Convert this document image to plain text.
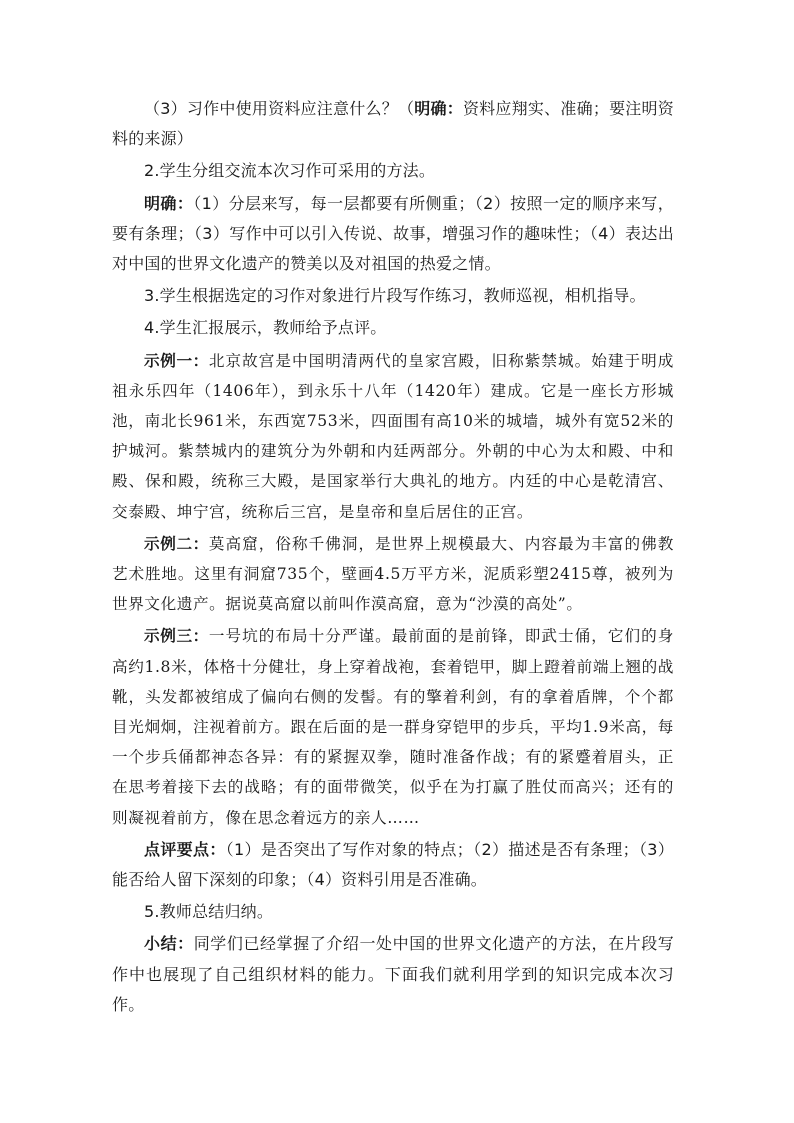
（3）习作中使用资料应注意什么？（明确：资料应翔实、准确；要注明资料的来源）

2.学生分组交流本次习作可采用的方法。

明确：（1）分层来写，每一层都要有所侧重；（2）按照一定的顺序来写，要有条理；（3）写作中可以引入传说、故事，增强习作的趣味性；（4）表达出对中国的世界文化遗产的赞美以及对祖国的热爱之情。

3.学生根据选定的习作对象进行片段写作练习，教师巡视，相机指导。

4.学生汇报展示，教师给予点评。

示例一：北京故宫是中国明清两代的皇家宫殿，旧称紫禁城。始建于明成祖永乐四年（1406年），到永乐十八年（1420年）建成。它是一座长方形城池，南北长961米，东西宽753米，四面围有高10米的城墙，城外有宽52米的护城河。紫禁城内的建筑分为外朝和内廷两部分。外朝的中心为太和殿、中和殿、保和殿，统称三大殿，是国家举行大典礼的地方。内廷的中心是乾清宫、交泰殿、坤宁宫，统称后三宫，是皇帝和皇后居住的正宫。

示例二：莫高窟，俗称千佛洞，是世界上规模最大、内容最为丰富的佛教艺术胜地。这里有洞窟735个，壁画4.5万平方米，泥质彩塑2415尊，被列为世界文化遗产。据说莫高窟以前叫作漠高窟，意为“沙漠的高处”。

示例三：一号坑的布局十分严谨。最前面的是前锋，即武士俑，它们的身高约1.8米，体格十分健壮，身上穿着战袍，套着铠甲，脚上蹬着前端上翘的战靴，头发都被绾成了偏向右侧的发髻。有的擎着利剑，有的拿着盾牌，个个都目光炯炯，注视着前方。跟在后面的是一群身穿铠甲的步兵，平均1.9米高，每一个步兵俑都神态各异：有的紧握双拳，随时准备作战；有的紧蹙着眉头，正在思考着接下去的战略；有的面带微笑，似乎在为打赢了胜仗而高兴；还有的则凝视着前方，像在思念着远方的亲人……

点评要点：（1）是否突出了写作对象的特点；（2）描述是否有条理；（3）能否给人留下深刻的印象；（4）资料引用是否准确。

5.教师总结归纳。

小结：同学们已经掌握了介绍一处中国的世界文化遗产的方法，在片段写作中也展现了自己组织材料的能力。下面我们就利用学到的知识完成本次习作。
